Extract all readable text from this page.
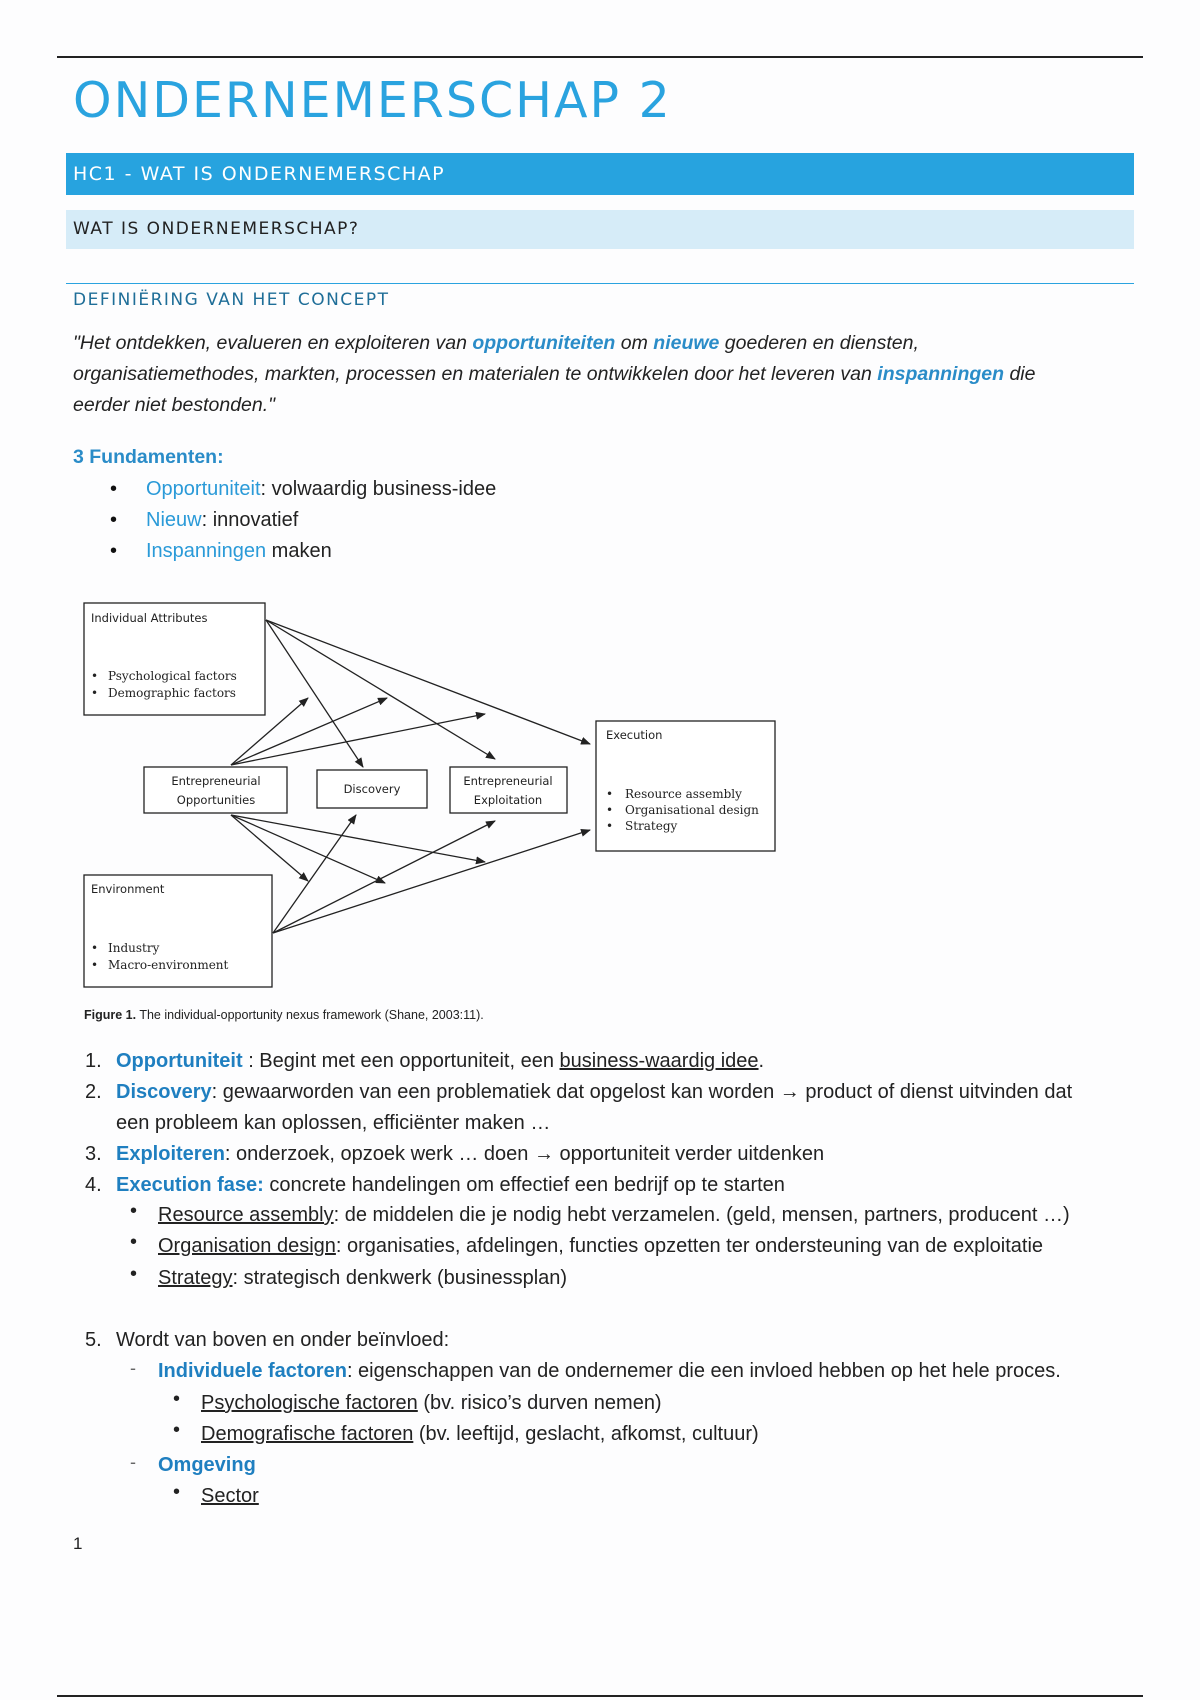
ONDERNEMERSCHAP 2
HC1 - WAT IS ONDERNEMERSCHAP
WAT IS ONDERNEMERSCHAP?
DEFINIËRING VAN HET CONCEPT
"Het ontdekken, evalueren en exploiteren van opportuniteiten om nieuwe goederen en diensten,
organisatiemethodes, markten, processen en materialen te ontwikkelen door het leveren van inspanningen die
eerder niet bestonden."
3 Fundamenten:
• Opportuniteit: volwaardig business-idee
• Nieuw: innovatief
• Inspanningen maken
Individual Attributes
Entrepreneurial
Opportunities
Discovery
Entrepreneurial
Exploitation
Execution
Environment
• Psychological factors
• Demographic factors
• Resource assembly
• Organisational design
• Strategy
• Industry
• Macro-environment
Figure 1. The individual-opportunity nexus framework (Shane, 2003:11).
1. Opportuniteit : Begint met een opportuniteit, een business-waardig idee.
2. Discovery: gewaarworden van een problematiek dat opgelost kan worden → product of dienst uitvinden dat
een probleem kan oplossen, efficiënter maken …
3. Exploiteren: onderzoek, opzoek werk … doen → opportuniteit verder uitdenken
4. Execution fase: concrete handelingen om effectief een bedrijf op te starten
• Resource assembly: de middelen die je nodig hebt verzamelen. (geld, mensen, partners, producent …)
• Organisation design: organisaties, afdelingen, functies opzetten ter ondersteuning van de exploitatie
• Strategy: strategisch denkwerk (businessplan)
5. Wordt van boven en onder beïnvloed:
- Individuele factoren: eigenschappen van de ondernemer die een invloed hebben op het hele proces.
• Psychologische factoren (bv. risico’s durven nemen)
• Demografische factoren (bv. leeftijd, geslacht, afkomst, cultuur)
- Omgeving
• Sector
1
